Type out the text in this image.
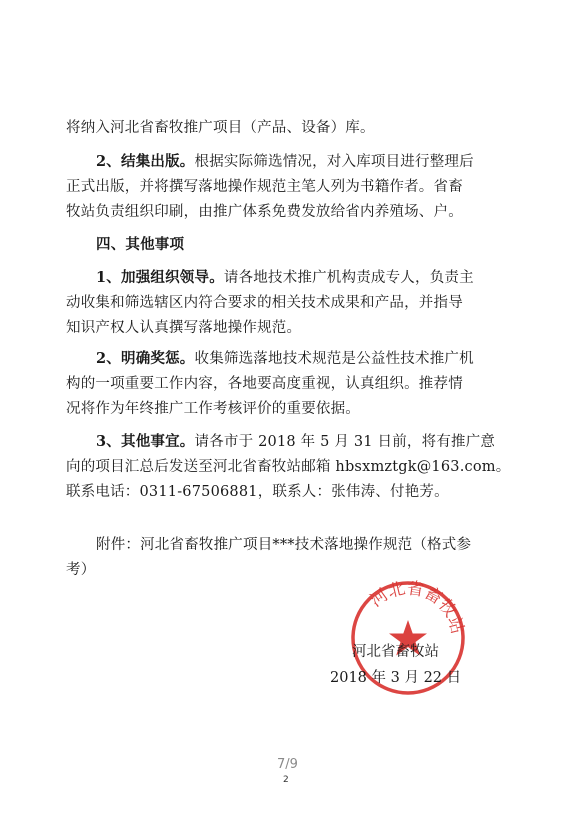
将纳入河北省畜牧推广项目（产品、设备）库。
2、结集出版。根据实际筛选情况，对入库项目进行整理后
正式出版，并将撰写落地操作规范主笔人列为书籍作者。省畜
牧站负责组织印刷，由推广体系免费发放给省内养殖场、户。
四、其他事项
1、加强组织领导。请各地技术推广机构责成专人，负责主
动收集和筛选辖区内符合要求的相关技术成果和产品，并指导
知识产权人认真撰写落地操作规范。
2、明确奖惩。收集筛选落地技术规范是公益性技术推广机
构的一项重要工作内容，各地要高度重视，认真组织。推荐情
况将作为年终推广工作考核评价的重要依据。
3、其他事宜。请各市于 2018 年 5 月 31 日前，将有推广意
向的项目汇总后发送至河北省畜牧站邮箱 hbsxmztgk@163.com。
联系电话：0311-67506881，联系人：张伟涛、付艳芳。
附件：河北省畜牧推广项目***技术落地操作规范（格式参
考）
河北省畜牧站
河北省畜牧站
2018 年 3 月 22 日
7/9
2
